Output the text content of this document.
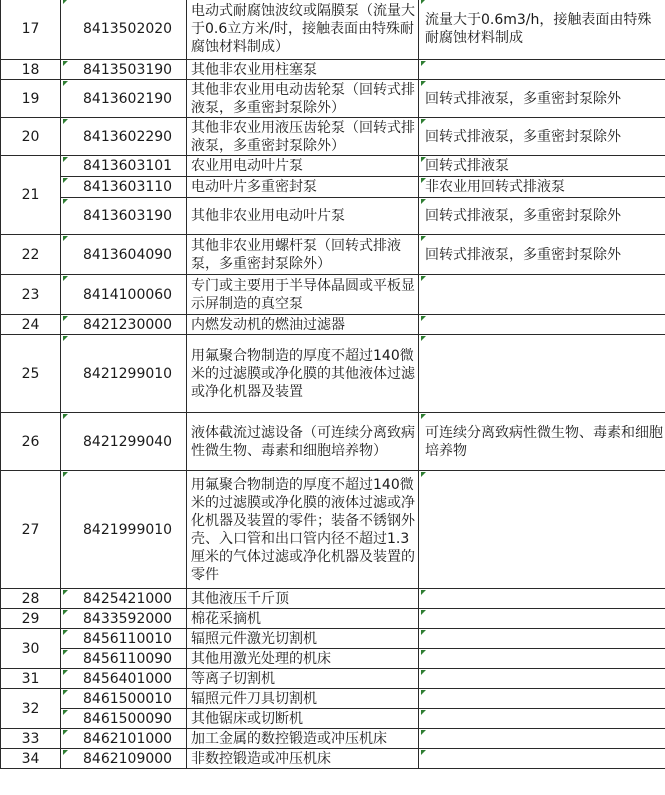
17	8413502020	电动式耐腐蚀波纹或隔膜泵（流量大于0.6立方米/时，接触表面由特殊耐腐蚀材料制成）	流量大于0.6m3/h，接触表面由特殊耐腐蚀材料制成
18	8413503190	其他非农业用柱塞泵	
19	8413602190	其他非农业用电动齿轮泵（回转式排液泵，多重密封泵除外）	回转式排液泵，多重密封泵除外
20	8413602290	其他非农业用液压齿轮泵（回转式排液泵，多重密封泵除外）	回转式排液泵，多重密封泵除外
21	8413603101	农业用电动叶片泵	回转式排液泵
	8413603110	电动叶片多重密封泵	非农业用回转式排液泵
	8413603190	其他非农业用电动叶片泵	回转式排液泵，多重密封泵除外
22	8413604090	其他非农业用螺杆泵（回转式排液泵，多重密封泵除外）	回转式排液泵，多重密封泵除外
23	8414100060	专门或主要用于半导体晶圆或平板显示屏制造的真空泵	
24	8421230000	内燃发动机的燃油过滤器	
25	8421299010	用氟聚合物制造的厚度不超过140微米的过滤膜或净化膜的其他液体过滤或净化机器及装置	
26	8421299040	液体截流过滤设备（可连续分离致病性微生物、毒素和细胞培养物）	可连续分离致病性微生物、毒素和细胞培养物
27	8421999010	用氟聚合物制造的厚度不超过140微米的过滤膜或净化膜的液体过滤或净化机器及装置的零件；装备不锈钢外壳、入口管和出口管内径不超过1.3厘米的气体过滤或净化机器及装置的零件	
28	8425421000	其他液压千斤顶	
29	8433592000	棉花采摘机	
30	8456110010	辐照元件激光切割机	
	8456110090	其他用激光处理的机床	
31	8456401000	等离子切割机	
32	8461500010	辐照元件刀具切割机	
	8461500090	其他锯床或切断机	
33	8462101000	加工金属的数控锻造或冲压机床	
34	8462109000	非数控锻造或冲压机床	
